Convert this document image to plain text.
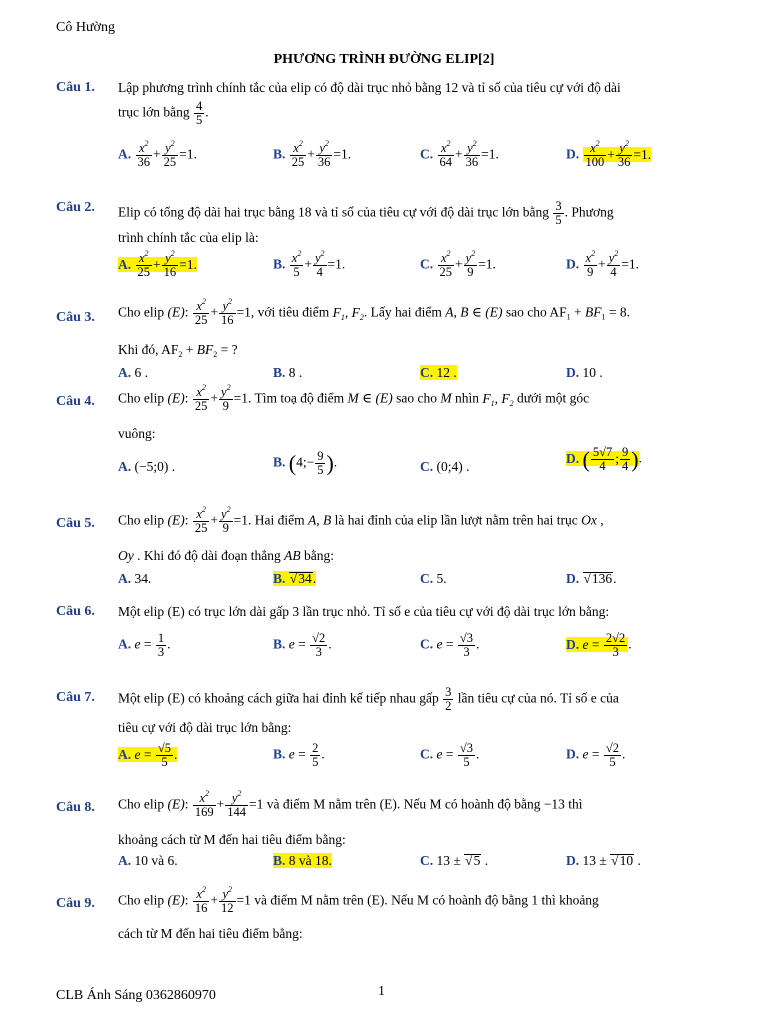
Cô Hường
PHƯƠNG TRÌNH ĐƯỜNG ELIP[2]
Câu 1. Lập phương trình chính tắc của elip có độ dài trục nhỏ bằng 12 và tỉ số của tiêu cự với độ dài
trục lớn bằng $\frac{4}{5}$ .
A. $\frac{x^2}{36} + \frac{y^2}{25} =1$.	B. $\frac{x^2}{25} + \frac{y^2}{36} =1$.	C. $\frac{x^2}{64} + \frac{y^2}{36} =1$.	D. $\frac{x^2}{100} + \frac{y^2}{36} =1$.
Câu 2. Elip có tổng độ dài hai trục bằng 18 và tỉ số của tiêu cự với độ dài trục lớn bằng $\frac{3}{5}$ . Phương
trình chính tắc của elip là:
A. $\frac{x^2}{25} + \frac{y^2}{16} =1$.	B. $\frac{x^2}{5} + \frac{y^2}{4} =1$.	C. $\frac{x^2}{25} + \frac{y^2}{9} =1$.	D. $\frac{x^2}{9} + \frac{y^2}{4} =1$.
Câu 3. Cho elip (E): $\frac{x^2}{25} + \frac{y^2}{16} =1$, với tiêu điểm $F_1$, $F_2$. Lấy hai điểm A, B ∈ (E) sao cho $AF_1 + BF_1 = 8$.
Khi đó, $AF_2 + BF_2$ = ?
A. 6 .	B. 8 .	C. 12 .	D. 10 .
Câu 4. Cho elip (E): $\frac{x^2}{25} + \frac{y^2}{9} =1$. Tìm toạ độ điểm M ∈ (E) sao cho M nhìn $F_1$, $F_2$ dưới một góc
vuông:
A. (−5;0) .	B. (4;− $\frac{9}{5}$ ).	C. (0;4) .
D. ( $\frac{5√7}{4}$ ; $\frac{9}{4}$ ).
Câu 5. Cho elip (E): $\frac{x^2}{25} + \frac{y^2}{9} =1$. Hai điểm A, B là hai đỉnh của elip lần lượt nằm trên hai trục Ox ,
Oy . Khi đó độ dài đoạn thẳng AB bằng:
A. 34.	B. √ 34.	C. 5.	D. √ 136.
Câu 6. Một elip (E) có trục lớn dài gấp 3 lần trục nhỏ. Tỉ số e của tiêu cự với độ dài trục lớn bằng:
A. $e = \frac{1}{3}$ .	B. $e = \frac{√2}{3}$ .	C. $e = \frac{√3}{3}$ .	D. $e = \frac{2√2}{3}$ .
Câu 7. Một elip (E) có khoảng cách giữa hai đỉnh kế tiếp nhau gấp $\frac{3}{2}$ lần tiêu cự của nó. Tỉ số e của
tiêu cự với độ dài trục lớn bằng:
A. $e = \frac{√5}{5}$ .	B. $e = \frac{2}{5}$ .	C. $e = \frac{√3}{5}$ .	D. $e = \frac{√2}{5}$ .
Câu 8. Cho elip (E): $\frac{x^2}{169} + \frac{y^2}{144} =1$ và điểm M nằm trên (E). Nếu M có hoành độ bằng −13 thì
khoảng cách từ M đến hai tiêu điểm bằng:
A. 10 và 6.	B. 8 và 18.	C. 13 ± √ 5 .	D. 13 ± √ 10 .
Câu 9. Cho elip (E): $\frac{x^2}{16} + \frac{y^2}{12} =1$ và điểm M nằm trên (E). Nếu M có hoành độ bằng 1 thì khoảng
cách từ M đến hai tiêu điểm bằng:
CLB Ánh Sáng 0362860970	1
